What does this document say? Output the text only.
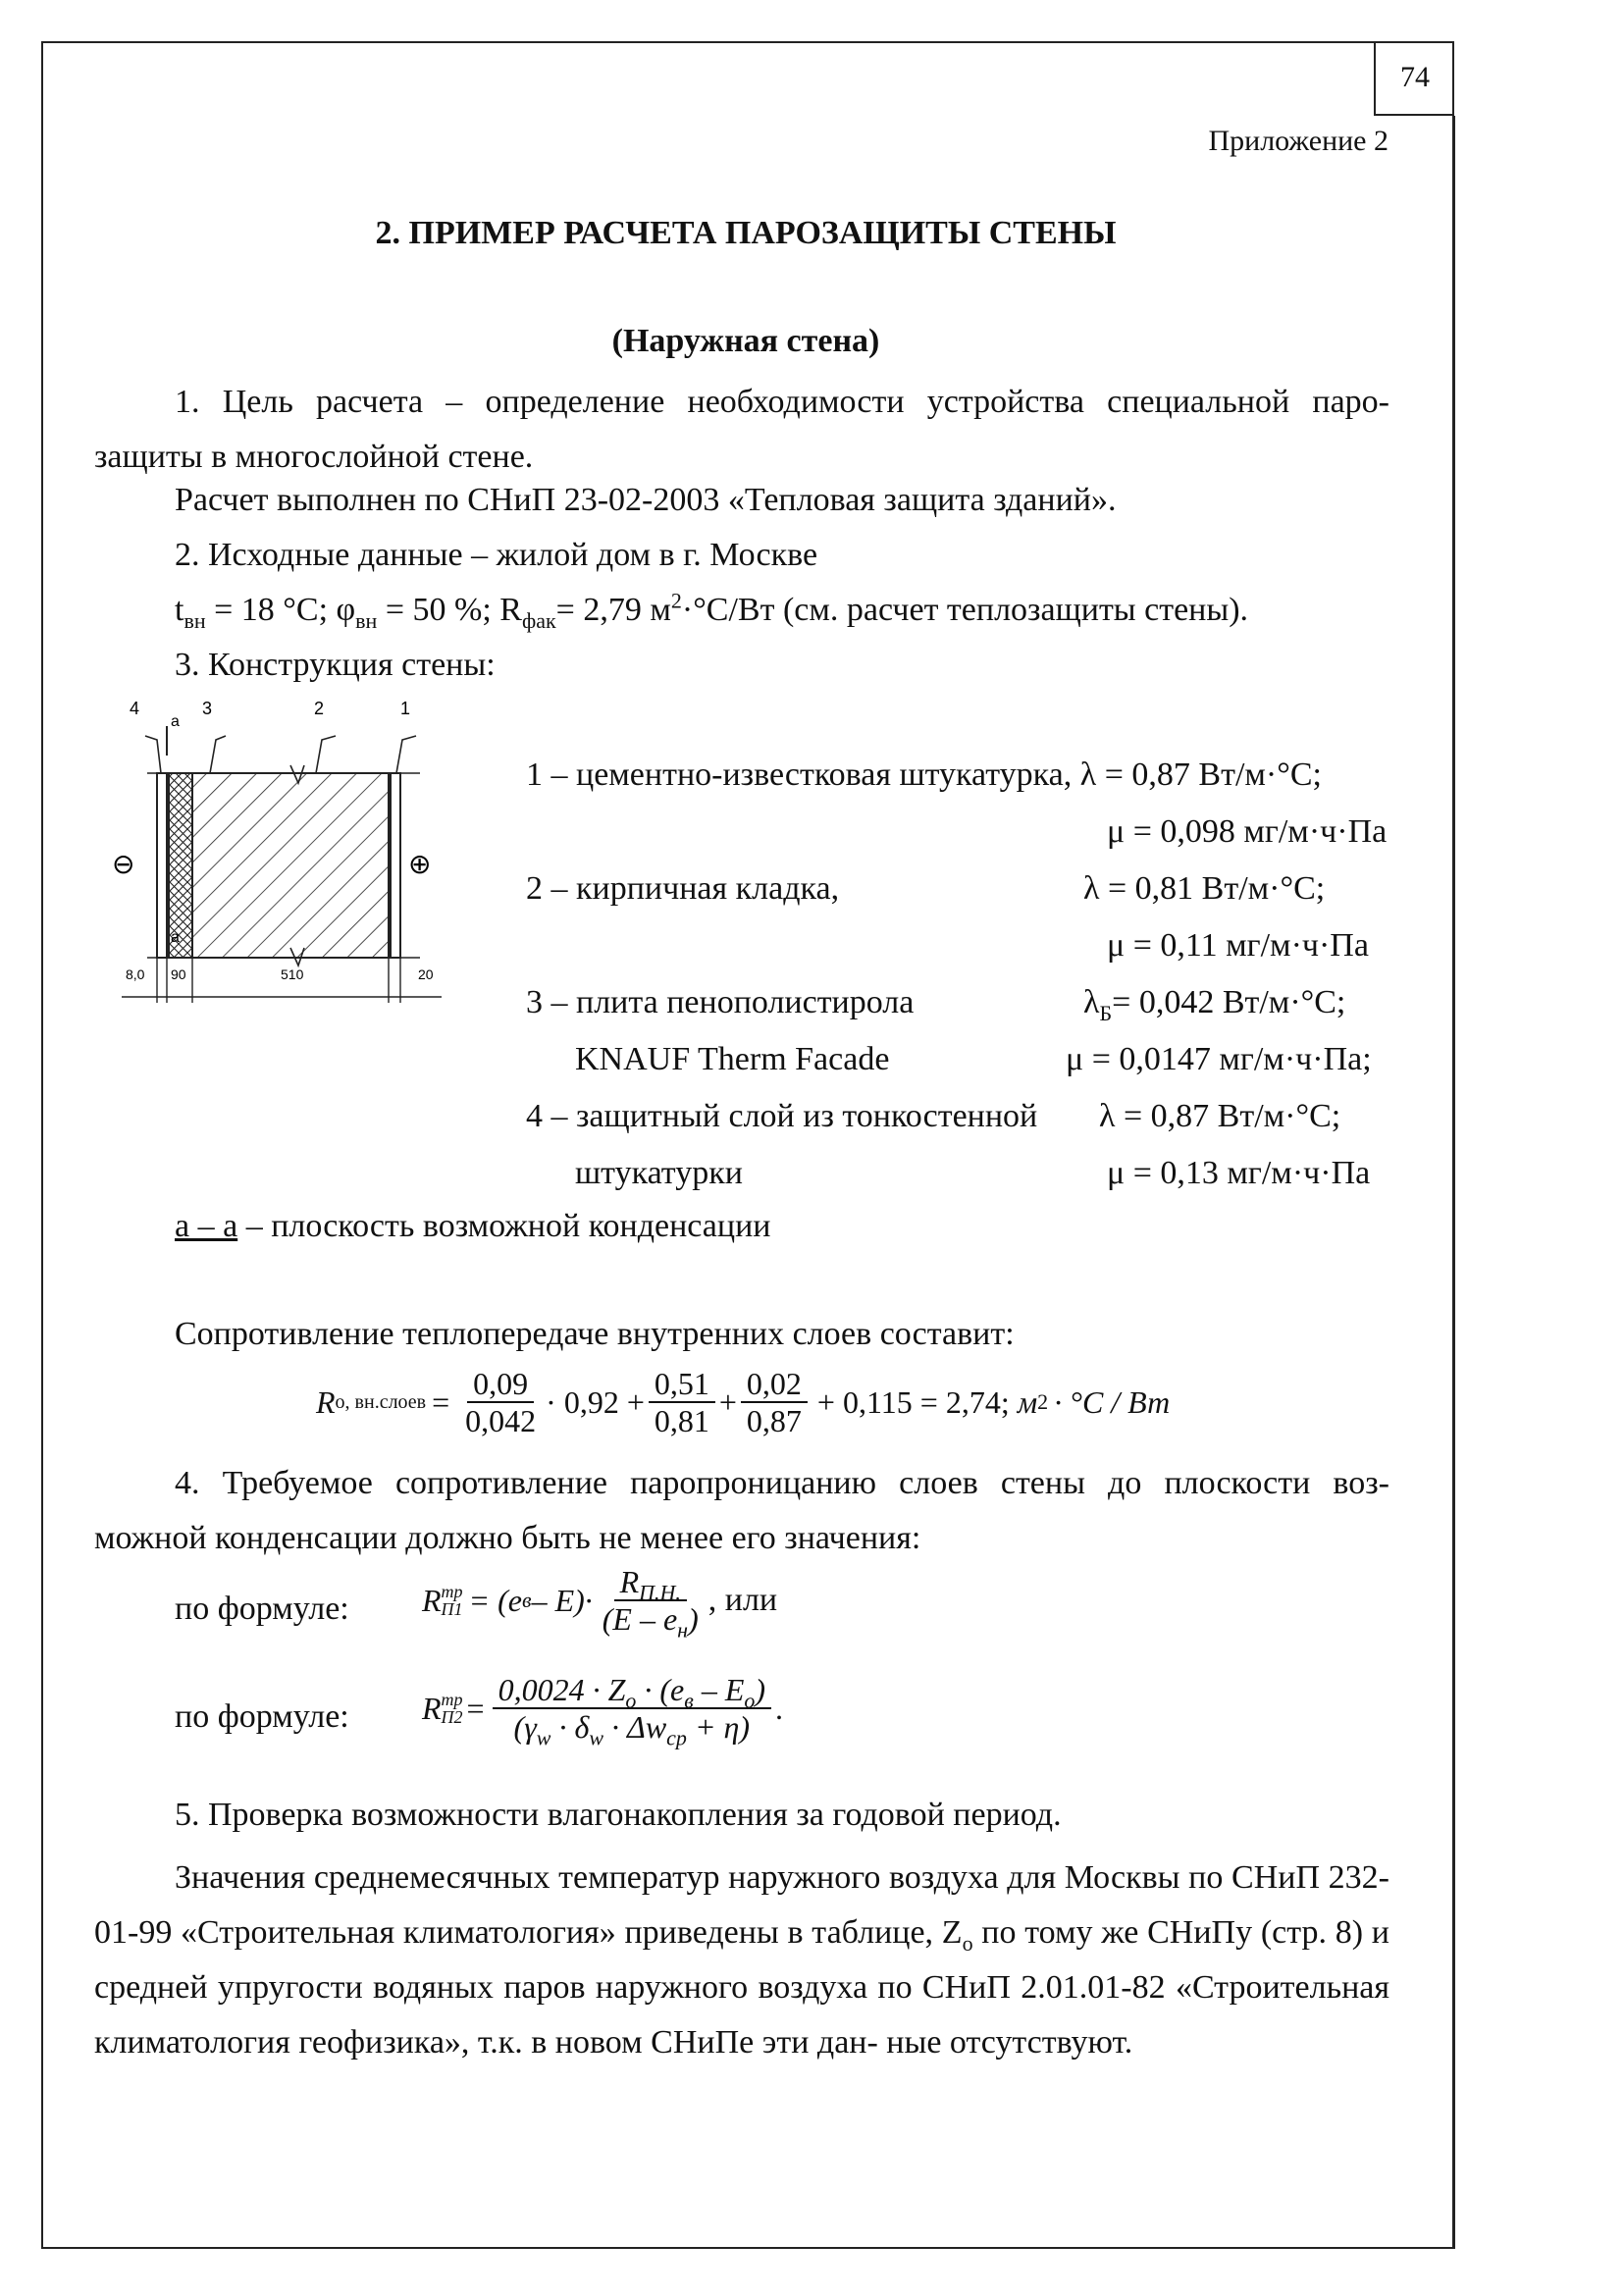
74
Приложение 2
2. ПРИМЕР РАСЧЕТА ПАРОЗАЩИТЫ СТЕНЫ
(Наружная стена)
1. Цель расчета – определение необходимости устройства специальной паро- защиты в многослойной стене.
Расчет выполнен по СНиП 23-02-2003 «Тепловая защита зданий».
2. Исходные данные – жилой дом в г. Москве
$t_{вн} = 18$ °С; $\varphi_{вн} = 50$ %; $R_{фак}= 2,79$ $м^2\cdot^\circ С/Вт$ (см. расчет теплозащиты стены).
3. Конструкция стены:
4
a
3	2	1
⊖	⊕
a
8,0 90	510	20
1 – цементно-известковая штукатурка, λ = 0,87 Вт/м·°С;
μ = 0,098 мг/м·ч·Па
2 – кирпичная кладка,	λ = 0,81 Вт/м·°С;
μ = 0,11 мг/м·ч·Па
3 – плита пенополистирола	$\lambda_Б= 0,042$ Вт/м·°С;
KNAUF Therm Facade	μ = 0,0147 мг/м·ч·Па;
4 – защитный слой из тонкостенной λ = 0,87 Вт/м·°С;
штукатурки	μ = 0,13 мг/м·ч·Па
а – а – плоскость возможной конденсации
Сопротивление теплопередаче внутренних слоев составит:
R о, вн.слоев = $\frac{0,09}{0,042} \cdot 0,92 + \frac{0,51}{0,81} + \frac{0,02}{0,87} + 0,115 = 2,74$; м 2 · °С / Вт
4. Требуемое сопротивление паропроницанию слоев стены до плоскости воз- можной конденсации должно быть не менее его значения:
по формуле: R тр
П1 = (e $в - E)\cdot \frac{R_{П.Н.}}{(E - e_н)}$ , или
по формуле: R тр
$П2 = \frac{0,0024 \cdot Z_о \cdot (e_в - E_о)}{(\gamma_w \cdot \delta_w \cdot \Delta w_{ср} + \eta)}$ .
5. Проверка возможности влагонакопления за годовой период.
Значения среднемесячных температур наружного воздуха для Москвы по СНиП 232-01-99 «Строительная климатология» приведены в таблице, $Z_о$ по тому же СНиПу (стр. 8) и средней упругости водяных паров наружного воздуха по СНиП 2.01.01-82 «Строительная климатология геофизика», т.к. в новом СНиПе эти дан- ные отсутствуют.
